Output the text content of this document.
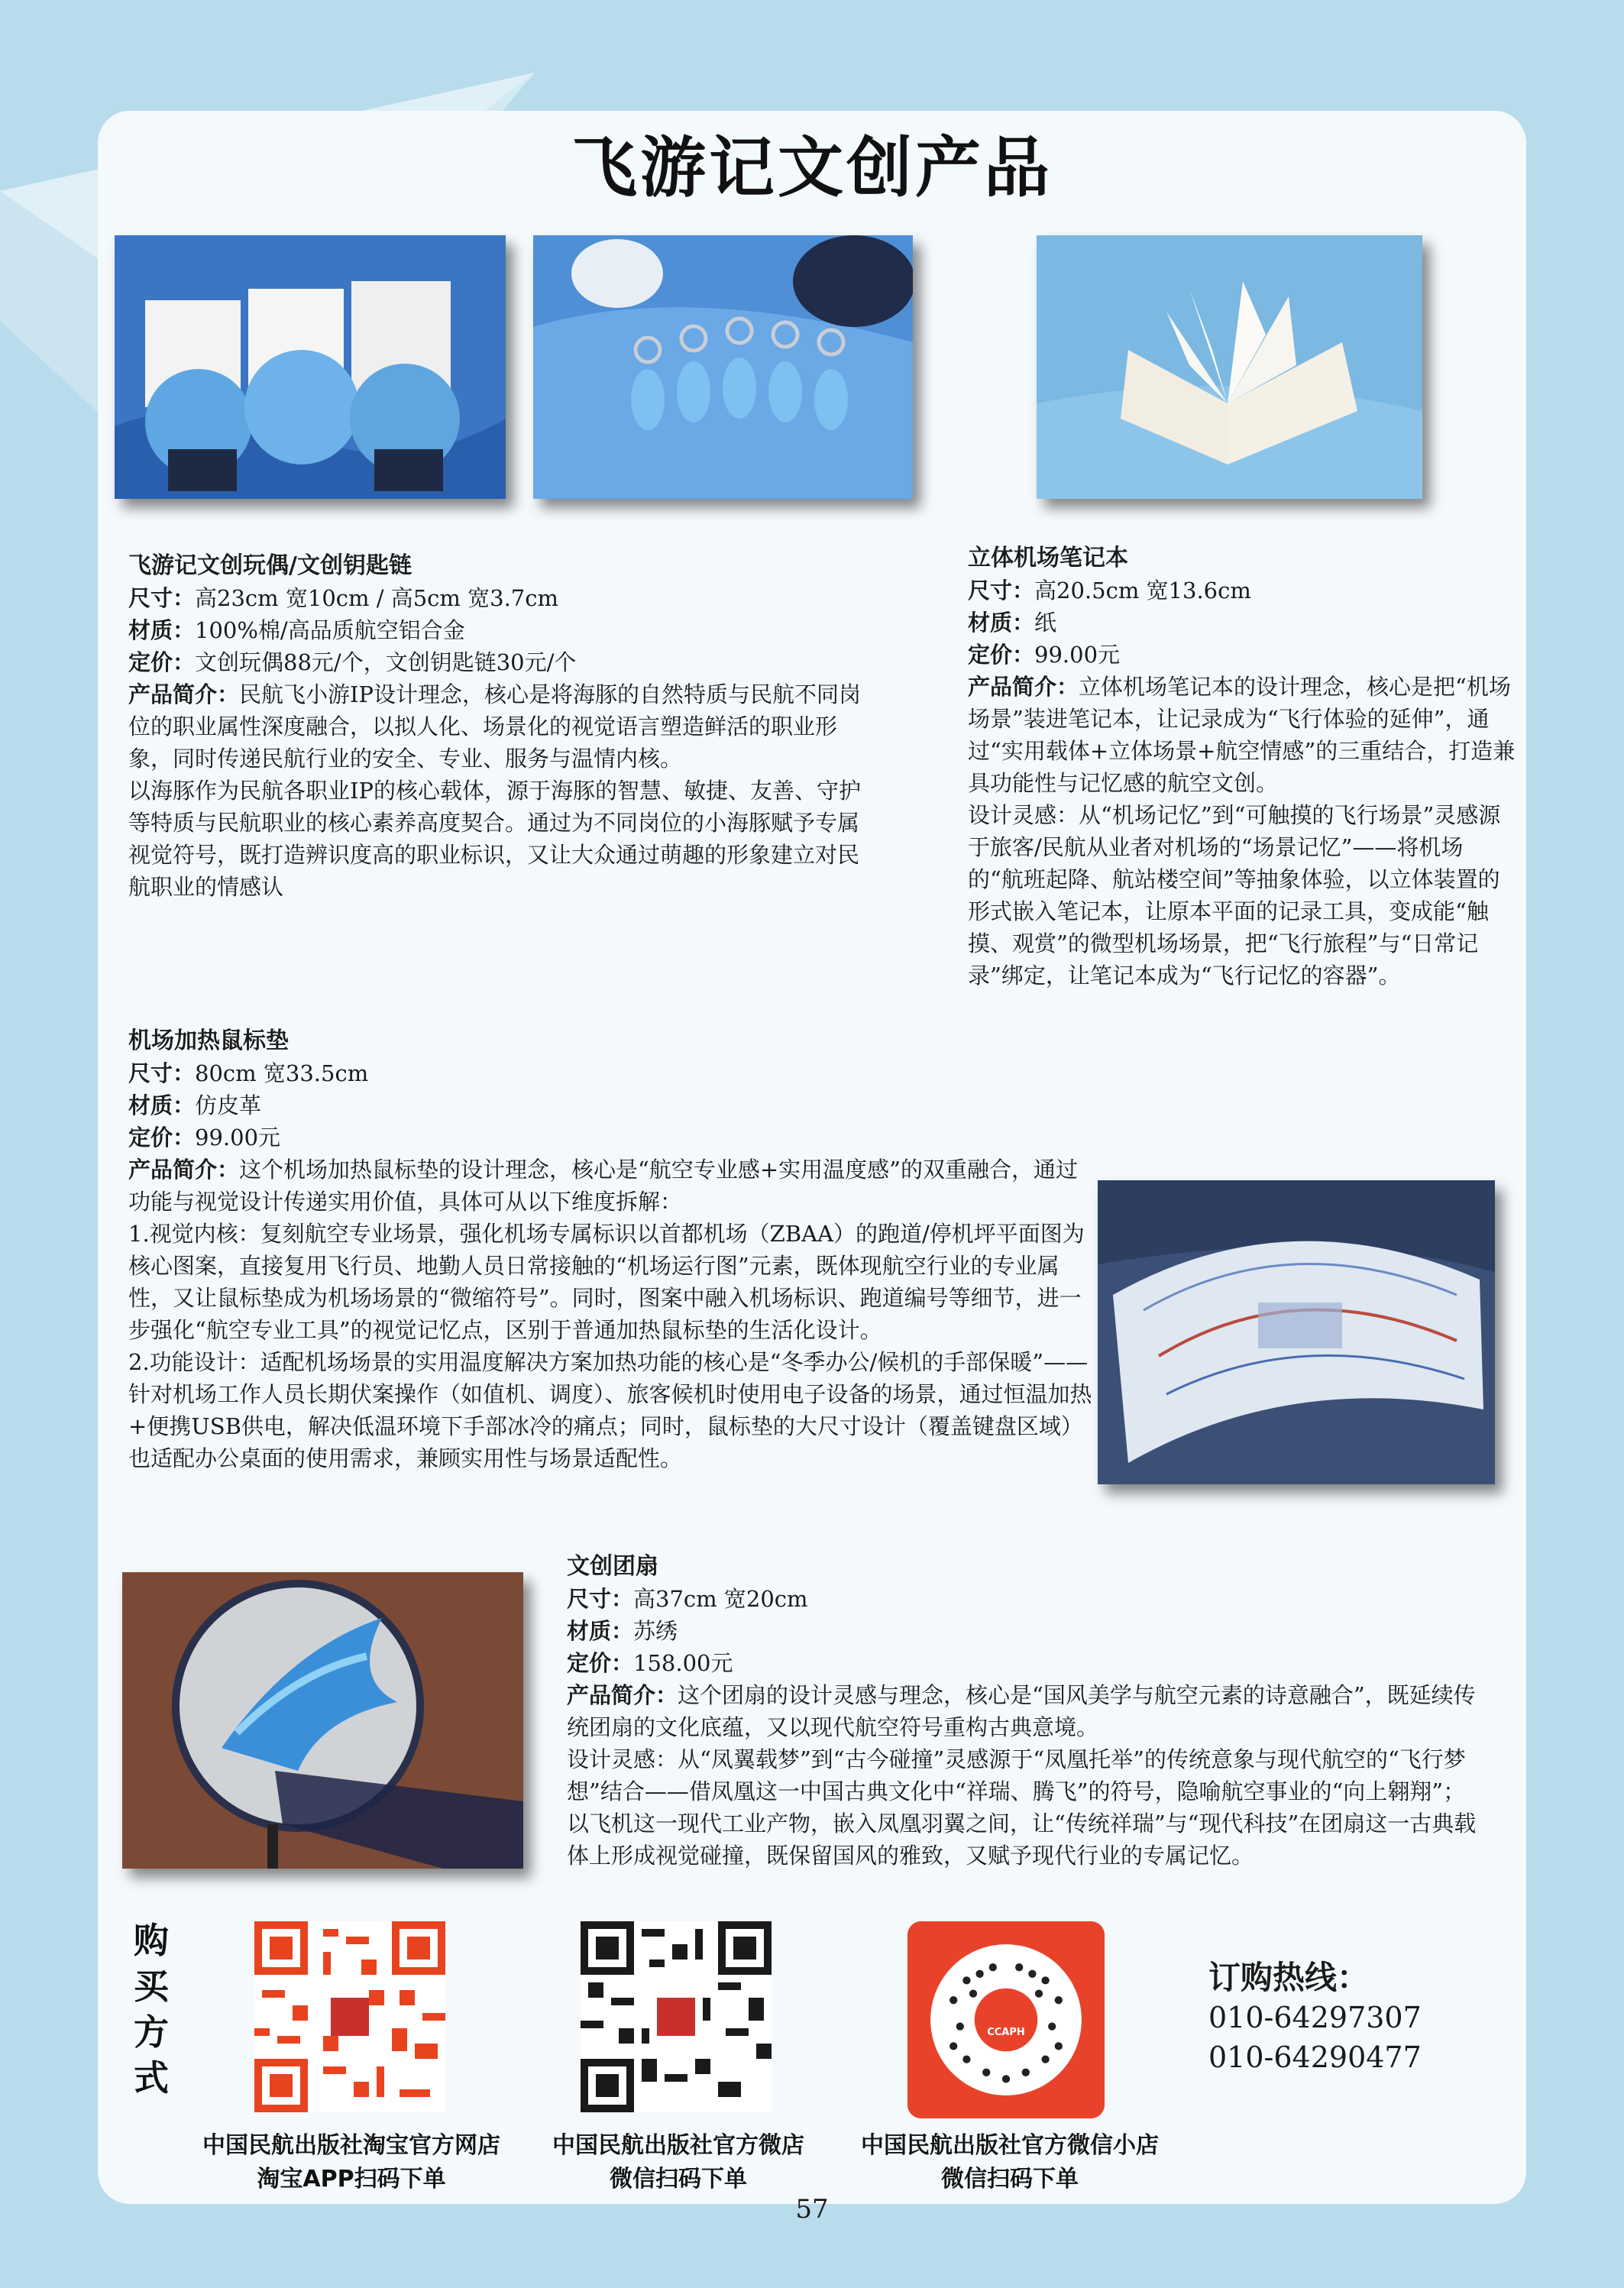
飞游记文创产品

飞游记文创玩偶/文创钥匙链

尺寸：高23cm 宽10cm / 高5cm 宽3.7cm

材质：100%棉/高品质航空铝合金

定价：文创玩偶88元/个，文创钥匙链30元/个

产品简介：民航飞小游IP设计理念，核心是将海豚的自然特质与民航不同岗位的职业属性深度融合，以拟人化、场景化的视觉语言塑造鲜活的职业形象，同时传递民航行业的安全、专业、服务与温情内核。

以海豚作为民航各职业IP的核心载体，源于海豚的智慧、敏捷、友善、守护等特质与民航职业的核心素养高度契合。通过为不同岗位的小海豚赋予专属视觉符号，既打造辨识度高的职业标识，又让大众通过萌趣的形象建立对民航职业的情感认

立体机场笔记本

尺寸：高20.5cm 宽13.6cm

材质：纸

定价：99.00元

产品简介：立体机场笔记本的设计理念，核心是把“机场场景”装进笔记本，让记录成为“飞行体验的延伸”，通过“实用载体+立体场景+航空情感”的三重结合，打造兼具功能性与记忆感的航空文创。

设计灵感：从“机场记忆”到“可触摸的飞行场景”灵感源于旅客/民航从业者对机场的“场景记忆”——将机场的“航班起降、航站楼空间”等抽象体验，以立体装置的形式嵌入笔记本，让原本平面的记录工具，变成能“触摸、观赏”的微型机场场景，把“飞行旅程”与“日常记录”绑定，让笔记本成为“飞行记忆的容器”。

机场加热鼠标垫

尺寸：80cm 宽33.5cm

材质：仿皮革

定价：99.00元

产品简介：这个机场加热鼠标垫的设计理念，核心是“航空专业感+实用温度感”的双重融合，通过功能与视觉设计传递实用价值，具体可从以下维度拆解：

1.视觉内核：复刻航空专业场景，强化机场专属标识以首都机场（ZBAA）的跑道/停机坪平面图为核心图案，直接复用飞行员、地勤人员日常接触的“机场运行图”元素，既体现航空行业的专业属性，又让鼠标垫成为机场场景的“微缩符号”。同时，图案中融入机场标识、跑道编号等细节，进一步强化“航空专业工具”的视觉记忆点，区别于普通加热鼠标垫的生活化设计。

2.功能设计：适配机场场景的实用温度解决方案加热功能的核心是“冬季办公/候机的手部保暖”——针对机场工作人员长期伏案操作（如值机、调度）、旅客候机时使用电子设备的场景，通过恒温加热+便携USB供电，解决低温环境下手部冰冷的痛点；同时，鼠标垫的大尺寸设计（覆盖键盘区域）也适配办公桌面的使用需求，兼顾实用性与场景适配性。

文创团扇

尺寸：高37cm 宽20cm

材质：苏绣

定价：158.00元

产品简介：这个团扇的设计灵感与理念，核心是“国风美学与航空元素的诗意融合”，既延续传统团扇的文化底蕴，又以现代航空符号重构古典意境。

设计灵感：从“凤翼载梦”到“古今碰撞”灵感源于“凤凰托举”的传统意象与现代航空的“飞行梦想”结合——借凤凰这一中国古典文化中“祥瑞、腾飞”的符号，隐喻航空事业的“向上翱翔”；以飞机这一现代工业产物，嵌入凤凰羽翼之间，让“传统祥瑞”与“现代科技”在团扇这一古典载体上形成视觉碰撞，既保留国风的雅致，又赋予现代行业的专属记忆。

购买方式
CCAPH
中国民航出版社淘宝官方网店
淘宝APP扫码下单
中国民航出版社官方微店
微信扫码下单
中国民航出版社官方微信小店
微信扫码下单
订购热线：
010-64297307
010-64290477
57
